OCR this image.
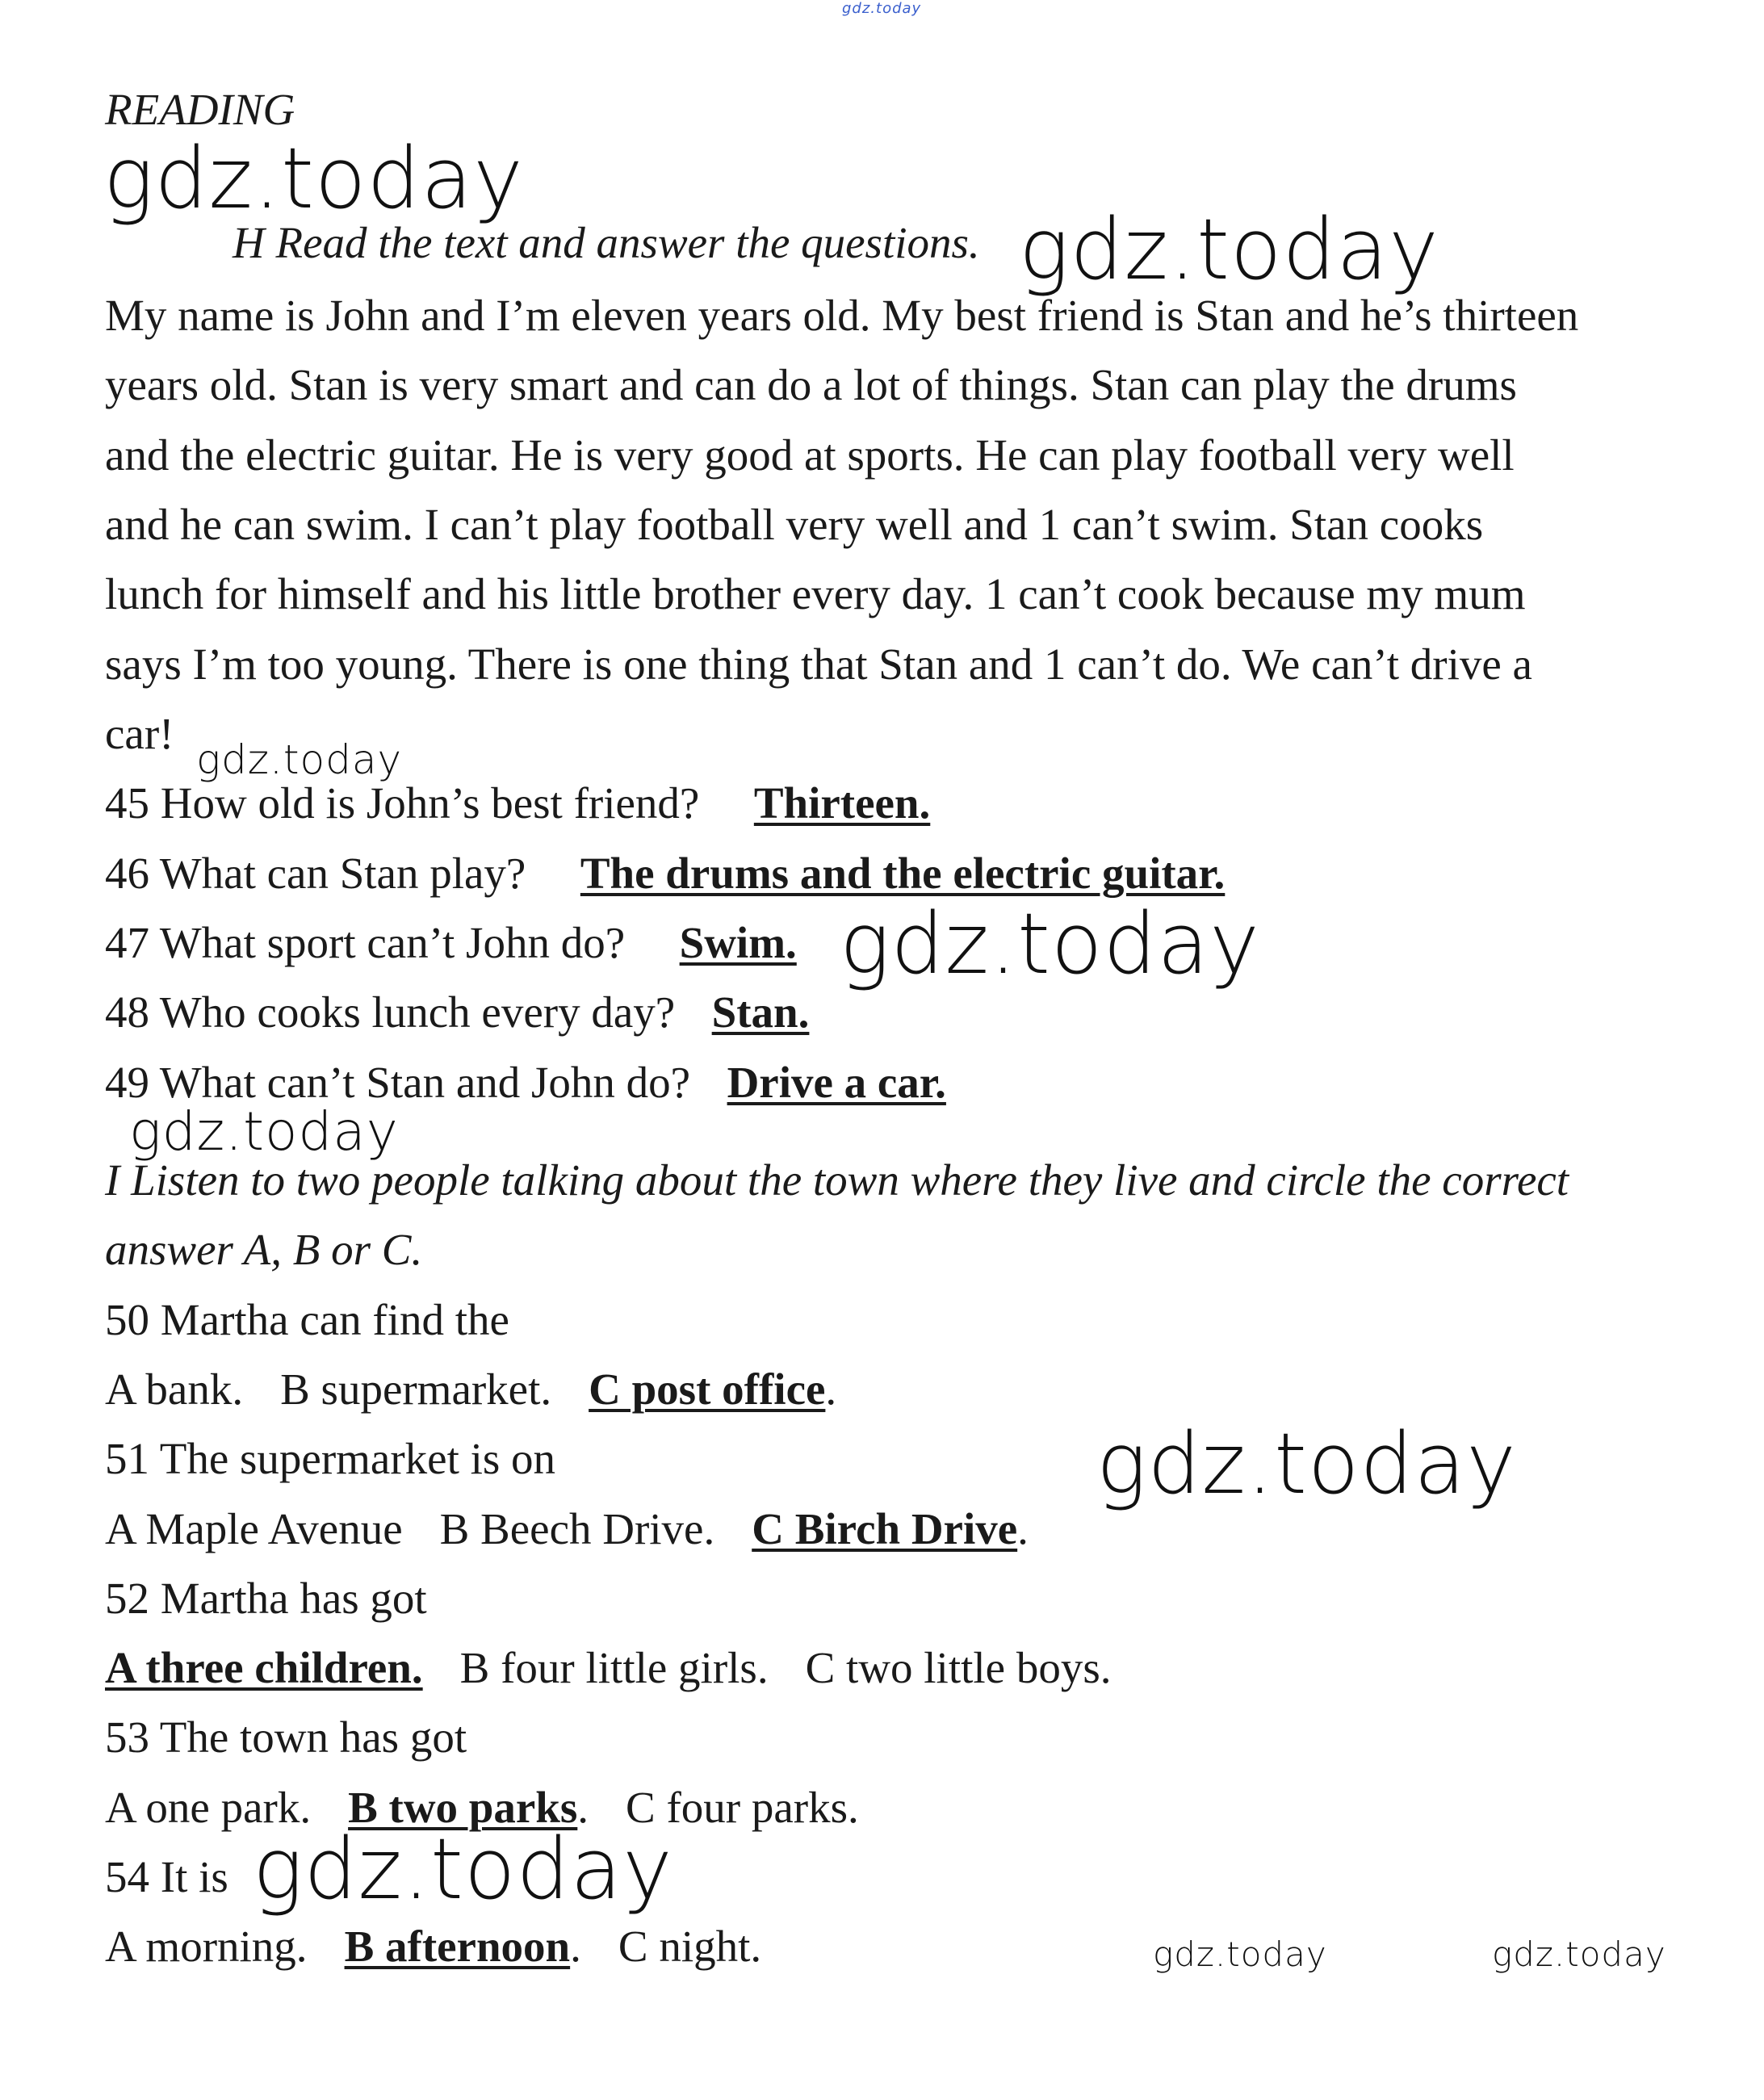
gdz.today
READING
H Read the text and answer the questions.
My name is John and I’m eleven years old. My best friend is Stan and he’s thirteen
years old. Stan is very smart and can do a lot of things. Stan can play the drums
and the electric guitar. He is very good at sports. He can play football very well
and he can swim. I can’t play football very well and 1 can’t swim. Stan cooks
lunch for himself and his little brother every day. 1 can’t cook because my mum
says I’m too young. There is one thing that Stan and 1 can’t do. We can’t drive a
car!
45 How old is John’s best friend? Thirteen.
46 What can Stan play? The drums and the electric guitar.
47 What sport can’t John do? Swim.
48 Who cooks lunch every day? Stan.
49 What can’t Stan and John do? Drive a car.
I Listen to two people talking about the town where they live and circle the correct
answer A, B or C.
50 Martha can find the
A bank. B supermarket. C post office.
51 The supermarket is on
A Maple Avenue B Beech Drive. C Birch Drive.
52 Martha has got
A three children. B four little girls. C two little boys.
53 The town has got
A one park. B two parks. C four parks.
54 It is
A morning. B afternoon. C night.
gdz.today
gdz.today
gdz.today
gdz.today
gdz.today
gdz.today
gdz.today
gdz.today	gdz.today
